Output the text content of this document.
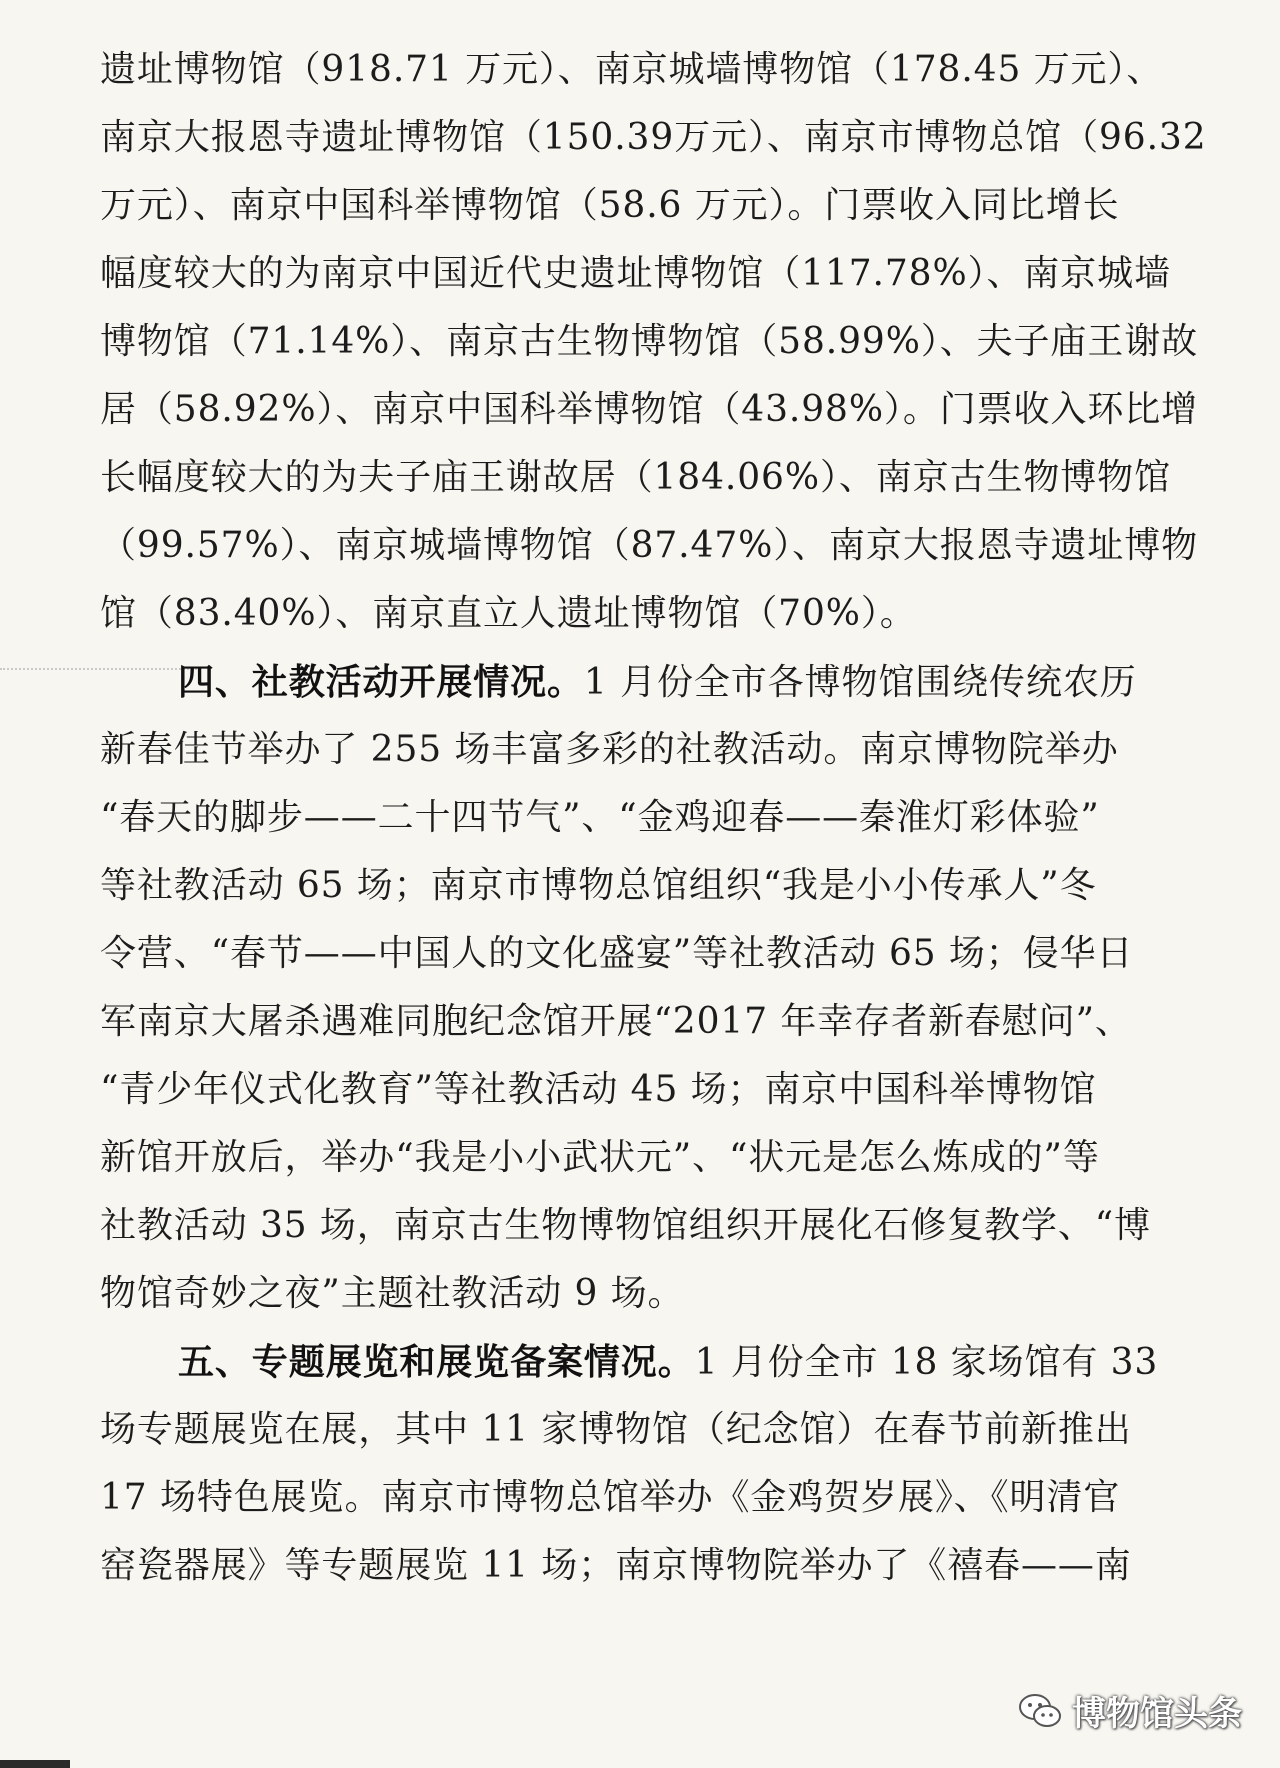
遗址博物馆（918.71 万元）、南京城墙博物馆（178.45 万元）、
南京大报恩寺遗址博物馆（150.39万元）、南京市博物总馆（96.32
万元）、南京中国科举博物馆（58.6 万元）。门票收入同比增长
幅度较大的为南京中国近代史遗址博物馆（117.78%）、南京城墙
博物馆（71.14%）、南京古生物博物馆（58.99%）、夫子庙王谢故
居（58.92%）、南京中国科举博物馆（43.98%）。门票收入环比增
长幅度较大的为夫子庙王谢故居（184.06%）、南京古生物博物馆
（99.57%）、南京城墙博物馆（87.47%）、南京大报恩寺遗址博物
馆（83.40%）、南京直立人遗址博物馆（70%）。
四、社教活动开展情况。1 月份全市各博物馆围绕传统农历
新春佳节举办了 255 场丰富多彩的社教活动。南京博物院举办
“春天的脚步——二十四节气”、“金鸡迎春——秦淮灯彩体验”
等社教活动 65 场；南京市博物总馆组织“我是小小传承人”冬
令营、“春节——中国人的文化盛宴”等社教活动 65 场；侵华日
军南京大屠杀遇难同胞纪念馆开展“2017 年幸存者新春慰问”、
“青少年仪式化教育”等社教活动 45 场；南京中国科举博物馆
新馆开放后，举办“我是小小武状元”、“状元是怎么炼成的”等
社教活动 35 场，南京古生物博物馆组织开展化石修复教学、“博
物馆奇妙之夜”主题社教活动 9 场。
五、专题展览和展览备案情况。1 月份全市 18 家场馆有 33
场专题展览在展，其中 11 家博物馆（纪念馆）在春节前新推出
17 场特色展览。南京市博物总馆举办《金鸡贺岁展》、《明清官
窑瓷器展》等专题展览 11 场；南京博物院举办了《禧春——南
博物馆头条
